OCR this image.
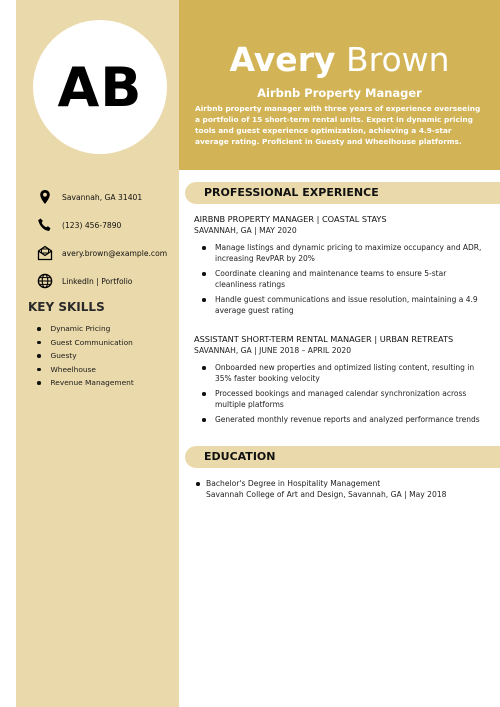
AB	Avery Brown
Airbnb Property Manager
Airbnb property manager with three years of experience overseeing a portfolio of 15 short-term rental units. Expert in dynamic pricing tools and guest experience optimization, achieving a 4.9-star average rating. Proficient in Guesty and Wheelhouse platforms.
Savannah, GA 31401
(123) 456-7890
avery.brown@example.com
LinkedIn | Portfolio
KEY SKILLS
Dynamic Pricing
Guest Communication
Guesty
Wheelhouse
Revenue Management
PROFESSIONAL EXPERIENCE
AIRBNB PROPERTY MANAGER | COASTAL STAYS
SAVANNAH, GA | MAY 2020
Manage listings and dynamic pricing to maximize occupancy and ADR, increasing RevPAR by 20%
Coordinate cleaning and maintenance teams to ensure 5-star cleanliness ratings
Handle guest communications and issue resolution, maintaining a 4.9 average guest rating
ASSISTANT SHORT-TERM RENTAL MANAGER | URBAN RETREATS
SAVANNAH, GA | JUNE 2018 – APRIL 2020
Onboarded new properties and optimized listing content, resulting in 35% faster booking velocity
Processed bookings and managed calendar synchronization across multiple platforms
Generated monthly revenue reports and analyzed performance trends
EDUCATION
Bachelor's Degree in Hospitality Management
Savannah College of Art and Design, Savannah, GA | May 2018
